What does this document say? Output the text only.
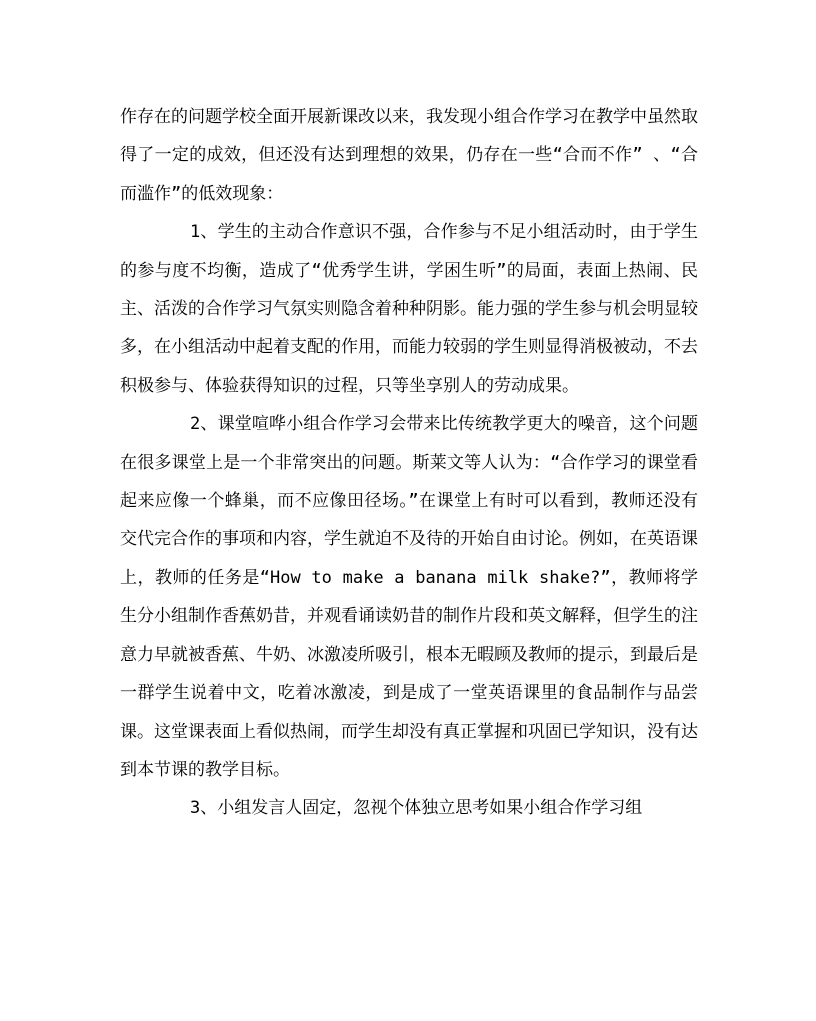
作存在的问题学校全面开展新课改以来，我发现小组合作学习在教学中虽然取得了一定的成效，但还没有达到理想的效果，仍存在一些“合而不作” 、“合而滥作”的低效现象：

1、学生的主动合作意识不强，合作参与不足小组活动时，由于学生的参与度不均衡，造成了“优秀学生讲，学困生听”的局面，表面上热闹、民主、活泼的合作学习气氛实则隐含着种种阴影。能力强的学生参与机会明显较多，在小组活动中起着支配的作用，而能力较弱的学生则显得消极被动，不去积极参与、体验获得知识的过程，只等坐享别人的劳动成果。

2、课堂喧哗小组合作学习会带来比传统教学更大的噪音，这个问题在很多课堂上是一个非常突出的问题。斯莱文等人认为：“合作学习的课堂看起来应像一个蜂巢，而不应像田径场。”在课堂上有时可以看到，教师还没有交代完合作的事项和内容，学生就迫不及待的开始自由讨论。例如，在英语课上，教师的任务是“How to make a banana milk shake?”，教师将学生分小组制作香蕉奶昔，并观看诵读奶昔的制作片段和英文解释，但学生的注意力早就被香蕉、牛奶、冰激凌所吸引，根本无暇顾及教师的提示，到最后是一群学生说着中文，吃着冰激凌，到是成了一堂英语课里的食品制作与品尝课。这堂课表面上看似热闹，而学生却没有真正掌握和巩固已学知识，没有达到本节课的教学目标。

3、小组发言人固定，忽视个体独立思考如果小组合作学习组
